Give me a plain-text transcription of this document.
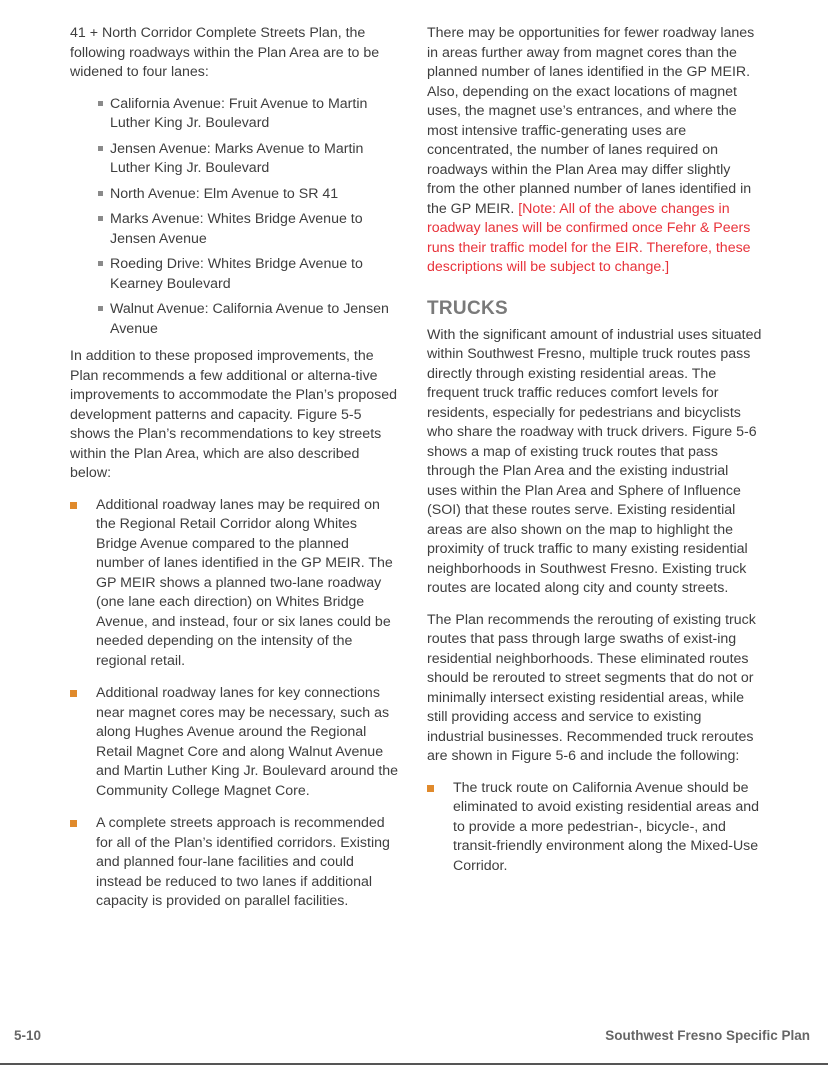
41 + North Corridor Complete Streets Plan, the following roadways within the Plan Area are to be widened to four lanes:

California Avenue: Fruit Avenue to Martin Luther King Jr. Boulevard
Jensen Avenue: Marks Avenue to Martin Luther King Jr. Boulevard
North Avenue: Elm Avenue to SR 41
Marks Avenue: Whites Bridge Avenue to Jensen Avenue
Roeding Drive: Whites Bridge Avenue to Kearney Boulevard
Walnut Avenue: California Avenue to Jensen Avenue

In addition to these proposed improvements, the Plan recommends a few additional or alterna-tive improvements to accommodate the Plan’s proposed development patterns and capacity. Figure 5-5 shows the Plan’s recommendations to key streets within the Plan Area, which are also described below:

Additional roadway lanes may be required on the Regional Retail Corridor along Whites Bridge Avenue compared to the planned number of lanes identified in the GP MEIR. The GP MEIR shows a planned two-lane roadway (one lane each direction) on Whites Bridge Avenue, and instead, four or six lanes could be needed depending on the intensity of the regional retail.
Additional roadway lanes for key connections near magnet cores may be necessary, such as along Hughes Avenue around the Regional Retail Magnet Core and along Walnut Avenue and Martin Luther King Jr. Boulevard around the Community College Magnet Core.
A complete streets approach is recommended for all of the Plan’s identified corridors. Existing and planned four-lane facilities and could instead be reduced to two lanes if additional capacity is provided on parallel facilities.

There may be opportunities for fewer roadway lanes in areas further away from magnet cores than the planned number of lanes identified in the GP MEIR. Also, depending on the exact locations of magnet uses, the magnet use’s entrances, and where the most intensive traffic-generating uses are concentrated, the number of lanes required on roadways within the Plan Area may differ slightly from the other planned number of lanes identified in the GP MEIR. [Note: All of the above changes in roadway lanes will be confirmed once Fehr & Peers runs their traffic model for the EIR. Therefore, these descriptions will be subject to change.]

TRUCKS

With the significant amount of industrial uses situated within Southwest Fresno, multiple truck routes pass directly through existing residential areas. The frequent truck traffic reduces comfort levels for residents, especially for pedestrians and bicyclists who share the roadway with truck drivers. Figure 5-6 shows a map of existing truck routes that pass through the Plan Area and the existing industrial uses within the Plan Area and Sphere of Influence (SOI) that these routes serve. Existing residential areas are also shown on the map to highlight the proximity of truck traffic to many existing residential neighborhoods in Southwest Fresno. Existing truck routes are located along city and county streets.

The Plan recommends the rerouting of existing truck routes that pass through large swaths of exist-ing residential neighborhoods. These eliminated routes should be rerouted to street segments that do not or minimally intersect existing residential areas, while still providing access and service to existing industrial businesses. Recommended truck reroutes are shown in Figure 5-6 and include the following:

The truck route on California Avenue should be eliminated to avoid existing residential areas and to provide a more pedestrian-, bicycle-, and transit-friendly environment along the Mixed-Use Corridor.
5-10	Southwest Fresno Specific Plan
